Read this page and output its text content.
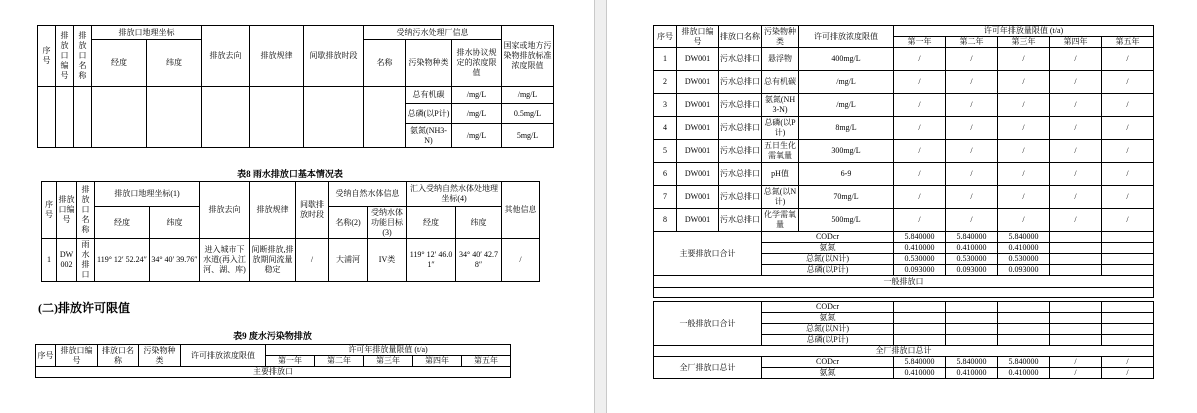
序号	排放口编号	排放口名称	排放口地理坐标		排放去向	排放规律	间歇排放时段	受纳污水处理厂信息			国家或地方污染物排放标准浓度限值
			经度	纬度				名称	污染物种类	排水协议规定的浓度限值	
									总有机碳	/mg/L	/mg/L
									总磷(以P计)	/mg/L	0.5mg/L
									氨氮(NH3-N)	/mg/L	5mg/L
表8 雨水排放口基本情况表
序号	排放口编号	排放口名称	排放口地理坐标(1)		排放去向	排放规律	间歇排放时段	受纳自然水体信息		汇入受纳自然水体处地理坐标(4)		其他信息
			经度	纬度				名称(2)	受纳水体功能目标(3)	经度	纬度	
1	DW002	雨水排口	119° 12′ 52.24″	34° 40′ 39.76″	进入城市下水道(再入江河、湖、库)	间断排放,排放期间流量稳定	/	大浦河	IV类	119° 12′ 46.01″	34° 40′ 42.78″	/
(二)排放许可限值
表9 废水污染物排放
序号	排放口编号	排放口名称	污染物种类	许可排放浓度限值	许可年排放量限值 (t/a)				
					第一年	第二年	第三年	第四年	第五年
主要排放口									
序号	排放口编号	排放口名称	污染物种类	许可排放浓度限值	许可年排放量限值 (t/a)				
					第一年	第二年	第三年	第四年	第五年
1	DW001	污水总排口	悬浮物	400mg/L	/	/	/	/	/
2	DW001	污水总排口	总有机碳	/mg/L	/	/	/	/	/
3	DW001	污水总排口	氨氮(NH3-N)	/mg/L	/	/	/	/	/
4	DW001	污水总排口	总磷(以P计)	8mg/L	/	/	/	/	/
5	DW001	污水总排口	五日生化需氧量	300mg/L	/	/	/	/	/
6	DW001	污水总排口	pH值	6-9	/	/	/	/	/
7	DW001	污水总排口	总氮(以N计)	70mg/L	/	/	/	/	/
8	DW001	污水总排口	化学需氧量	500mg/L	/	/	/	/	/
主要排放口合计			CODcr		5.840000	5.840000	5.840000		
			氨氮		0.410000	0.410000	0.410000		
			总氮(以N计)		0.530000	0.530000	0.530000		
			总磷(以P计)		0.093000	0.093000	0.093000		
一般排放口									

一般排放口合计	CODcr					
	氨氮					
	总氮(以N计)					
	总磷(以P计)					
全厂排放口总计						
全厂排放口总计	CODcr	5.840000	5.840000	5.840000	/	/
	氨氮	0.410000	0.410000	0.410000	/	/
